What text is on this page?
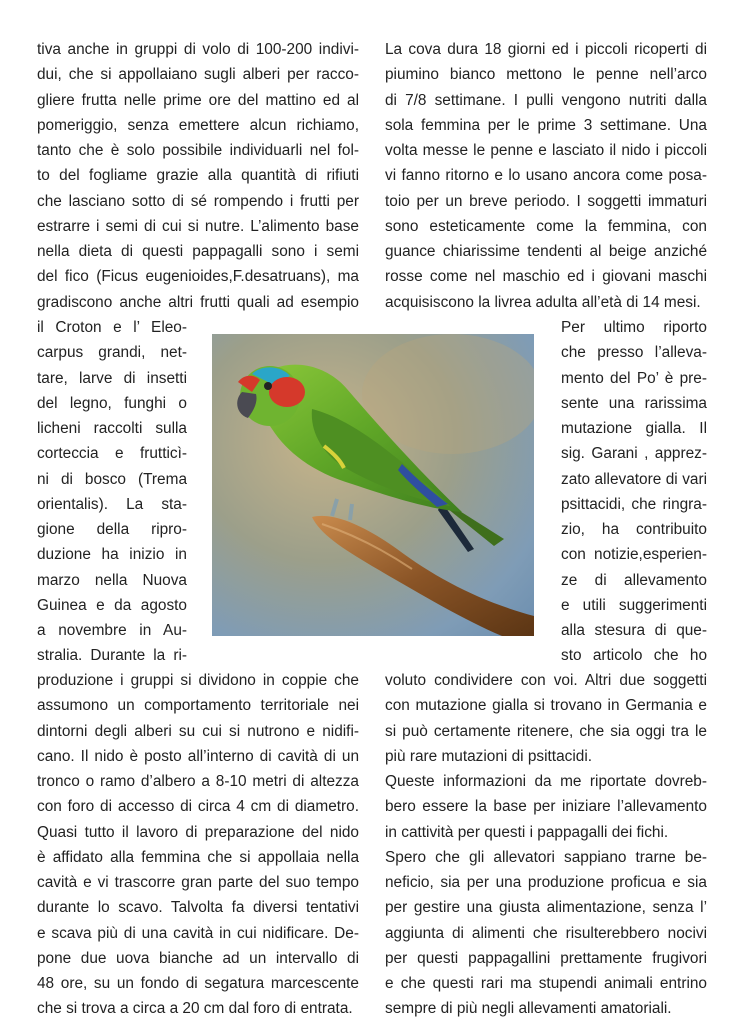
tiva anche in gruppi di volo di 100-200 indivi-
dui, che si appollaiano sugli alberi per racco-
gliere frutta nelle prime ore del mattino ed al
pomeriggio, senza emettere alcun richiamo,
tanto che è solo possibile individuarli nel fol-
to del fogliame grazie alla quantità di rifiuti
che lasciano sotto di sé rompendo i frutti per
estrarre i semi di cui si nutre. L’alimento base
nella dieta di questi pappagalli sono i semi
del fico (Ficus eugenioides,F.desatruans), ma
gradiscono anche altri frutti quali ad esempio
il Croton e l’ Eleo-
carpus grandi, net-
tare, larve di insetti
del legno, funghi o
licheni raccolti sulla
corteccia e frutticì-
ni di bosco (Trema
orientalis). La sta-
gione della ripro-
duzione ha inizio in
marzo nella Nuova
Guinea e da agosto
a novembre in Au-
stralia. Durante la ri-
produzione i gruppi si dividono in coppie che
assumono un comportamento territoriale nei
dintorni degli alberi su cui si nutrono e nidifi-
cano. Il nido è posto all’interno di cavità di un
tronco o ramo d’albero a 8-10 metri di altezza
con foro di accesso di circa 4 cm di diametro.
Quasi tutto il lavoro di preparazione del nido
è affidato alla femmina che si appollaia nella
cavità e vi trascorre gran parte del suo tempo
durante lo scavo. Talvolta fa diversi tentativi
e scava più di una cavità in cui nidificare. De-
pone due uova bianche ad un intervallo di
48 ore, su un fondo di segatura marcescente
che si trova a circa a 20 cm dal foro di entrata.
La cova dura 18 giorni ed i piccoli ricoperti di
piumino bianco mettono le penne nell’arco
di 7/8 settimane. I pulli vengono nutriti dalla
sola femmina per le prime 3 settimane. Una
volta messe le penne e lasciato il nido i piccoli
vi fanno ritorno e lo usano ancora come posa-
toio per un breve periodo. I soggetti immaturi
sono esteticamente come la femmina, con
guance chiarissime tendenti al beige anziché
rosse come nel maschio ed i giovani maschi
acquisiscono la livrea adulta all’età di 14 mesi.
Per ultimo riporto
che presso l’alleva-
mento del Po’ è pre-
sente una rarissima
mutazione gialla. Il
sig. Garani , apprez-
zato allevatore di vari
psittacidi, che ringra-
zio, ha contribuito
con notizie,esperien-
ze di allevamento
e utili suggerimenti
alla stesura di que-
sto articolo che ho
voluto condividere con voi. Altri due soggetti
con mutazione gialla si trovano in Germania e
si può certamente ritenere, che sia oggi tra le
più rare mutazioni di psittacidi.
Queste informazioni da me riportate dovreb-
bero essere la base per iniziare l’allevamento
in cattività per questi i pappagalli dei fichi.
Spero che gli allevatori sappiano trarne be-
neficio, sia per una produzione proficua e sia
per gestire una giusta alimentazione, senza l’
aggiunta di alimenti che risulterebbero nocivi
per questi pappagallini prettamente frugivori
e che questi rari ma stupendi animali entrino
sempre di più negli allevamenti amatoriali.
